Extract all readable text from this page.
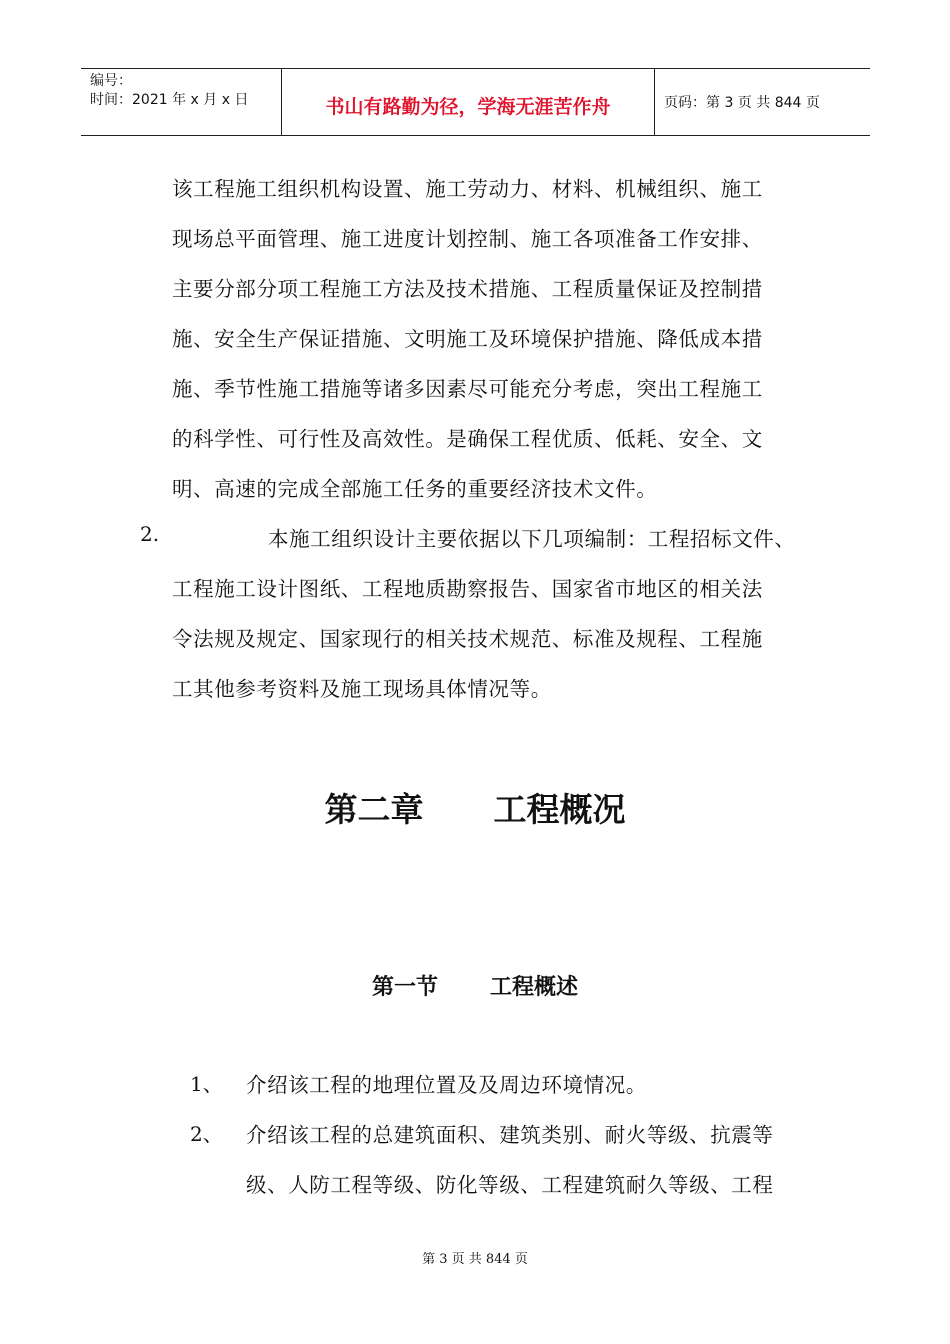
编号：
时间：2021 年 x 月 x 日	书山有路勤为径，学海无涯苦作舟	页码：第 3 页 共 844 页
该工程施工组织机构设置、施工劳动力、材料、机械组织、施工
现场总平面管理、施工进度计划控制、施工各项准备工作安排、
主要分部分项工程施工方法及技术措施、工程质量保证及控制措
施、安全生产保证措施、文明施工及环境保护措施、降低成本措
施、季节性施工措施等诸多因素尽可能充分考虑，突出工程施工
的科学性、可行性及高效性。是确保工程优质、低耗、安全、文
明、高速的完成全部施工任务的重要经济技术文件。
2.	本施工组织设计主要依据以下几项编制：工程招标文件、
工程施工设计图纸、工程地质勘察报告、国家省市地区的相关法
令法规及规定、国家现行的相关技术规范、标准及规程、工程施
工其他参考资料及施工现场具体情况等。
第二章 工程概况
第一节 工程概述
1、 介绍该工程的地理位置及及周边环境情况。
2、 介绍该工程的总建筑面积、建筑类别、耐火等级、抗震等
级、人防工程等级、防化等级、工程建筑耐久等级、工程
第 3 页 共 844 页
